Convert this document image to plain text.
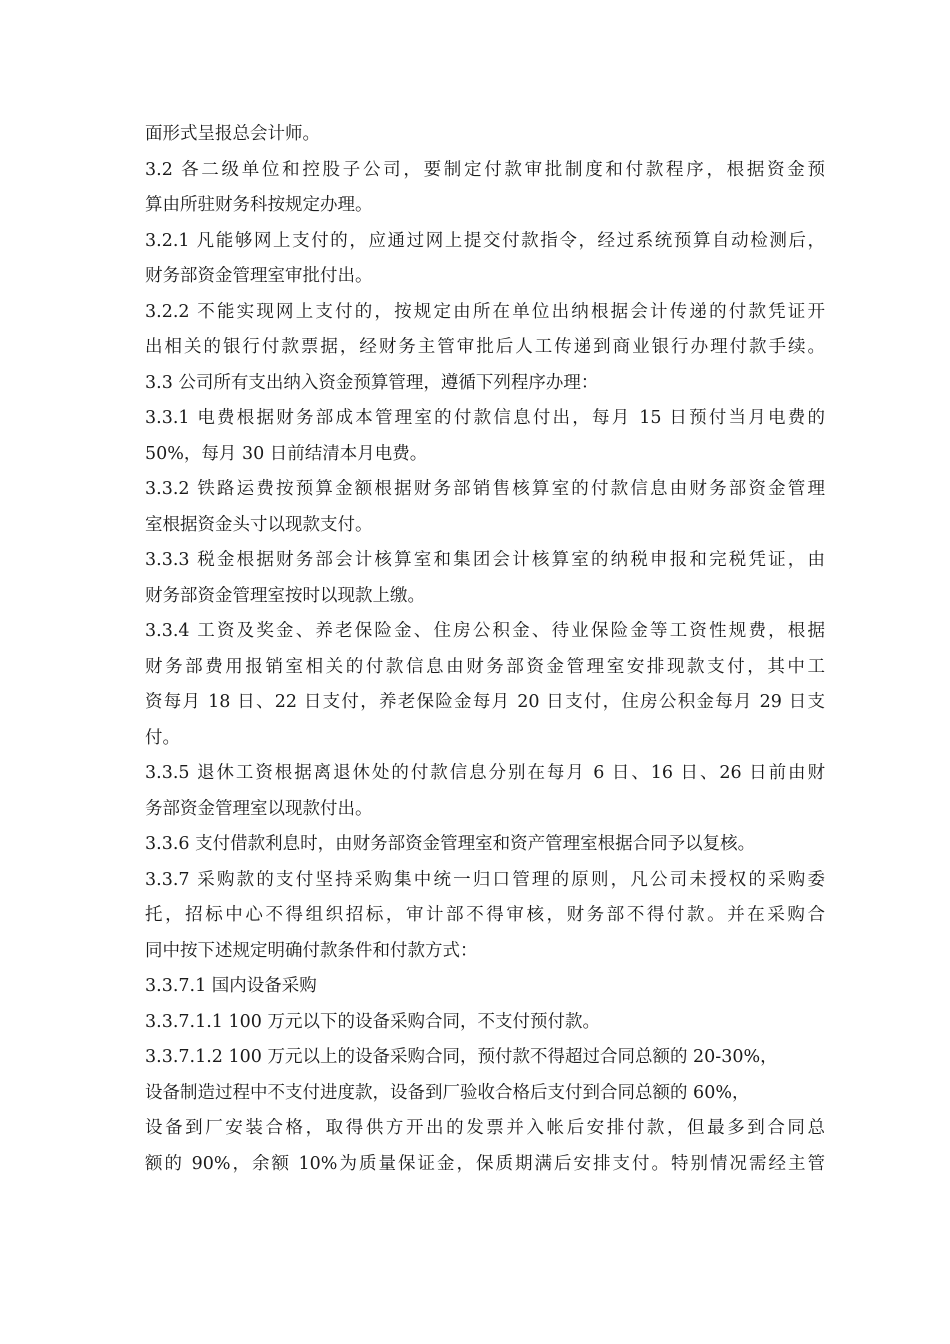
面形式呈报总会计师。
3.2 各二级单位和控股子公司，要制定付款审批制度和付款程序，根据资金预
算由所驻财务科按规定办理。
3.2.1 凡能够网上支付的，应通过网上提交付款指令，经过系统预算自动检测后，
财务部资金管理室审批付出。
3.2.2 不能实现网上支付的，按规定由所在单位出纳根据会计传递的付款凭证开
出相关的银行付款票据，经财务主管审批后人工传递到商业银行办理付款手续。
3.3 公司所有支出纳入资金预算管理，遵循下列程序办理：
3.3.1 电费根据财务部成本管理室的付款信息付出，每月 15 日预付当月电费的
50%，每月 30 日前结清本月电费。
3.3.2 铁路运费按预算金额根据财务部销售核算室的付款信息由财务部资金管理
室根据资金头寸以现款支付。
3.3.3 税金根据财务部会计核算室和集团会计核算室的纳税申报和完税凭证，由
财务部资金管理室按时以现款上缴。
3.3.4 工资及奖金、养老保险金、住房公积金、待业保险金等工资性规费，根据
财务部费用报销室相关的付款信息由财务部资金管理室安排现款支付，其中工
资每月 18 日、22 日支付，养老保险金每月 20 日支付，住房公积金每月 29 日支
付。
3.3.5 退休工资根据离退休处的付款信息分别在每月 6 日、16 日、26 日前由财
务部资金管理室以现款付出。
3.3.6 支付借款利息时，由财务部资金管理室和资产管理室根据合同予以复核。
3.3.7 采购款的支付坚持采购集中统一归口管理的原则，凡公司未授权的采购委
托，招标中心不得组织招标，审计部不得审核，财务部不得付款。并在采购合
同中按下述规定明确付款条件和付款方式：
3.3.7.1 国内设备采购
3.3.7.1.1 100 万元以下的设备采购合同，不支付预付款。
3.3.7.1.2 100 万元以上的设备采购合同，预付款不得超过合同总额的 20-30%，
设备制造过程中不支付进度款，设备到厂验收合格后支付到合同总额的 60%，
设备到厂安装合格，取得供方开出的发票并入帐后安排付款，但最多到合同总
额的 90%，余额 10%为质量保证金，保质期满后安排支付。特别情况需经主管
